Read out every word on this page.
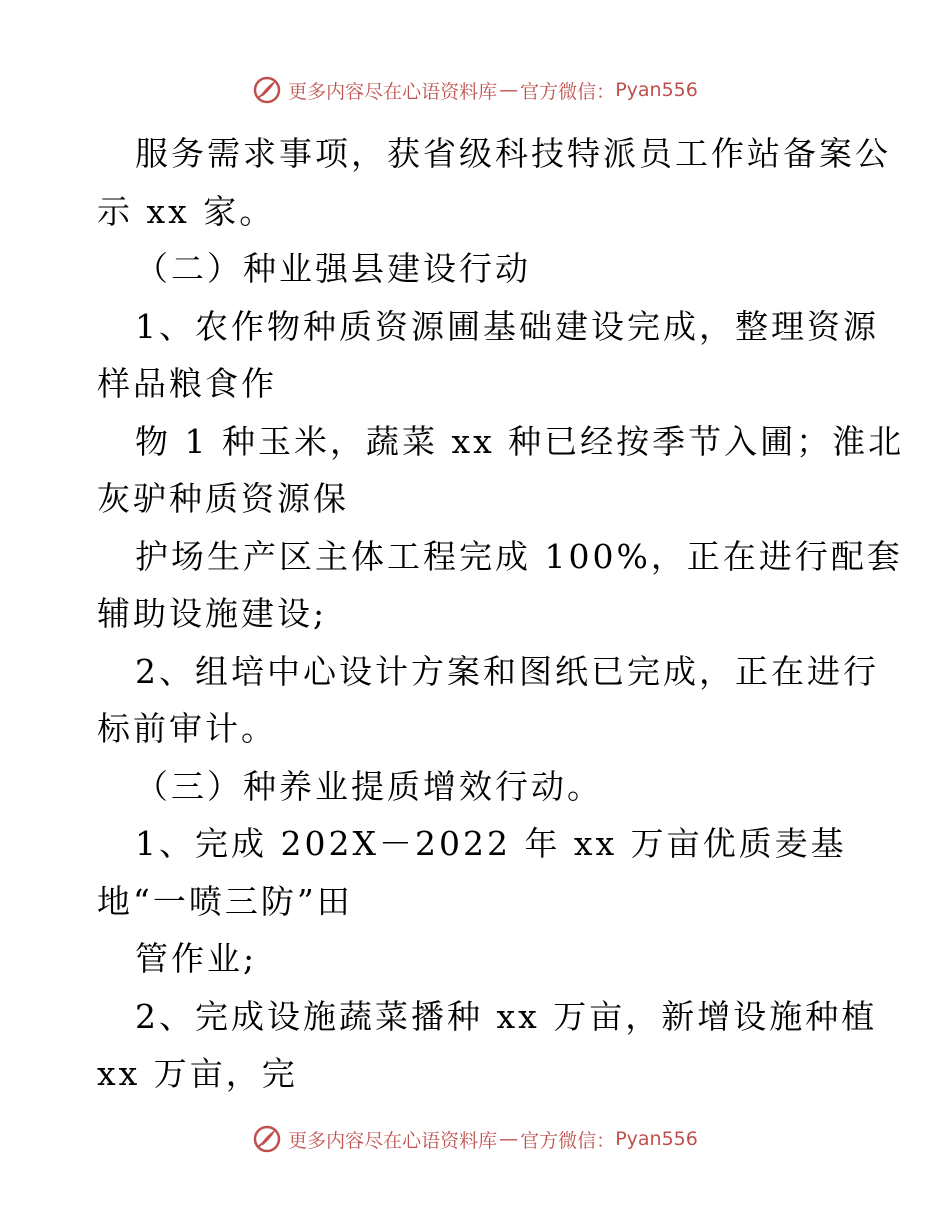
更多内容尽在心语资料库 — 官方微信： Pyan556
服务需求事项，获省级科技特派员工作站备案公
示 xx 家。
（二）种业强县建设行动
1、农作物种质资源圃基础建设完成，整理资源
样品粮食作
物 1 种玉米，蔬菜 xx 种已经按季节入圃；淮北
灰驴种质资源保
护场生产区主体工程完成 100%，正在进行配套
辅助设施建设;
2、组培中心设计方案和图纸已完成，正在进行
标前审计。
（三）种养业提质增效行动。
1、完成 202X－2022 年 xx 万亩优质麦基
地“一喷三防”田
管作业;
2、完成设施蔬菜播种 xx 万亩，新增设施种植
xx 万亩，完
更多内容尽在心语资料库 — 官方微信： Pyan556
